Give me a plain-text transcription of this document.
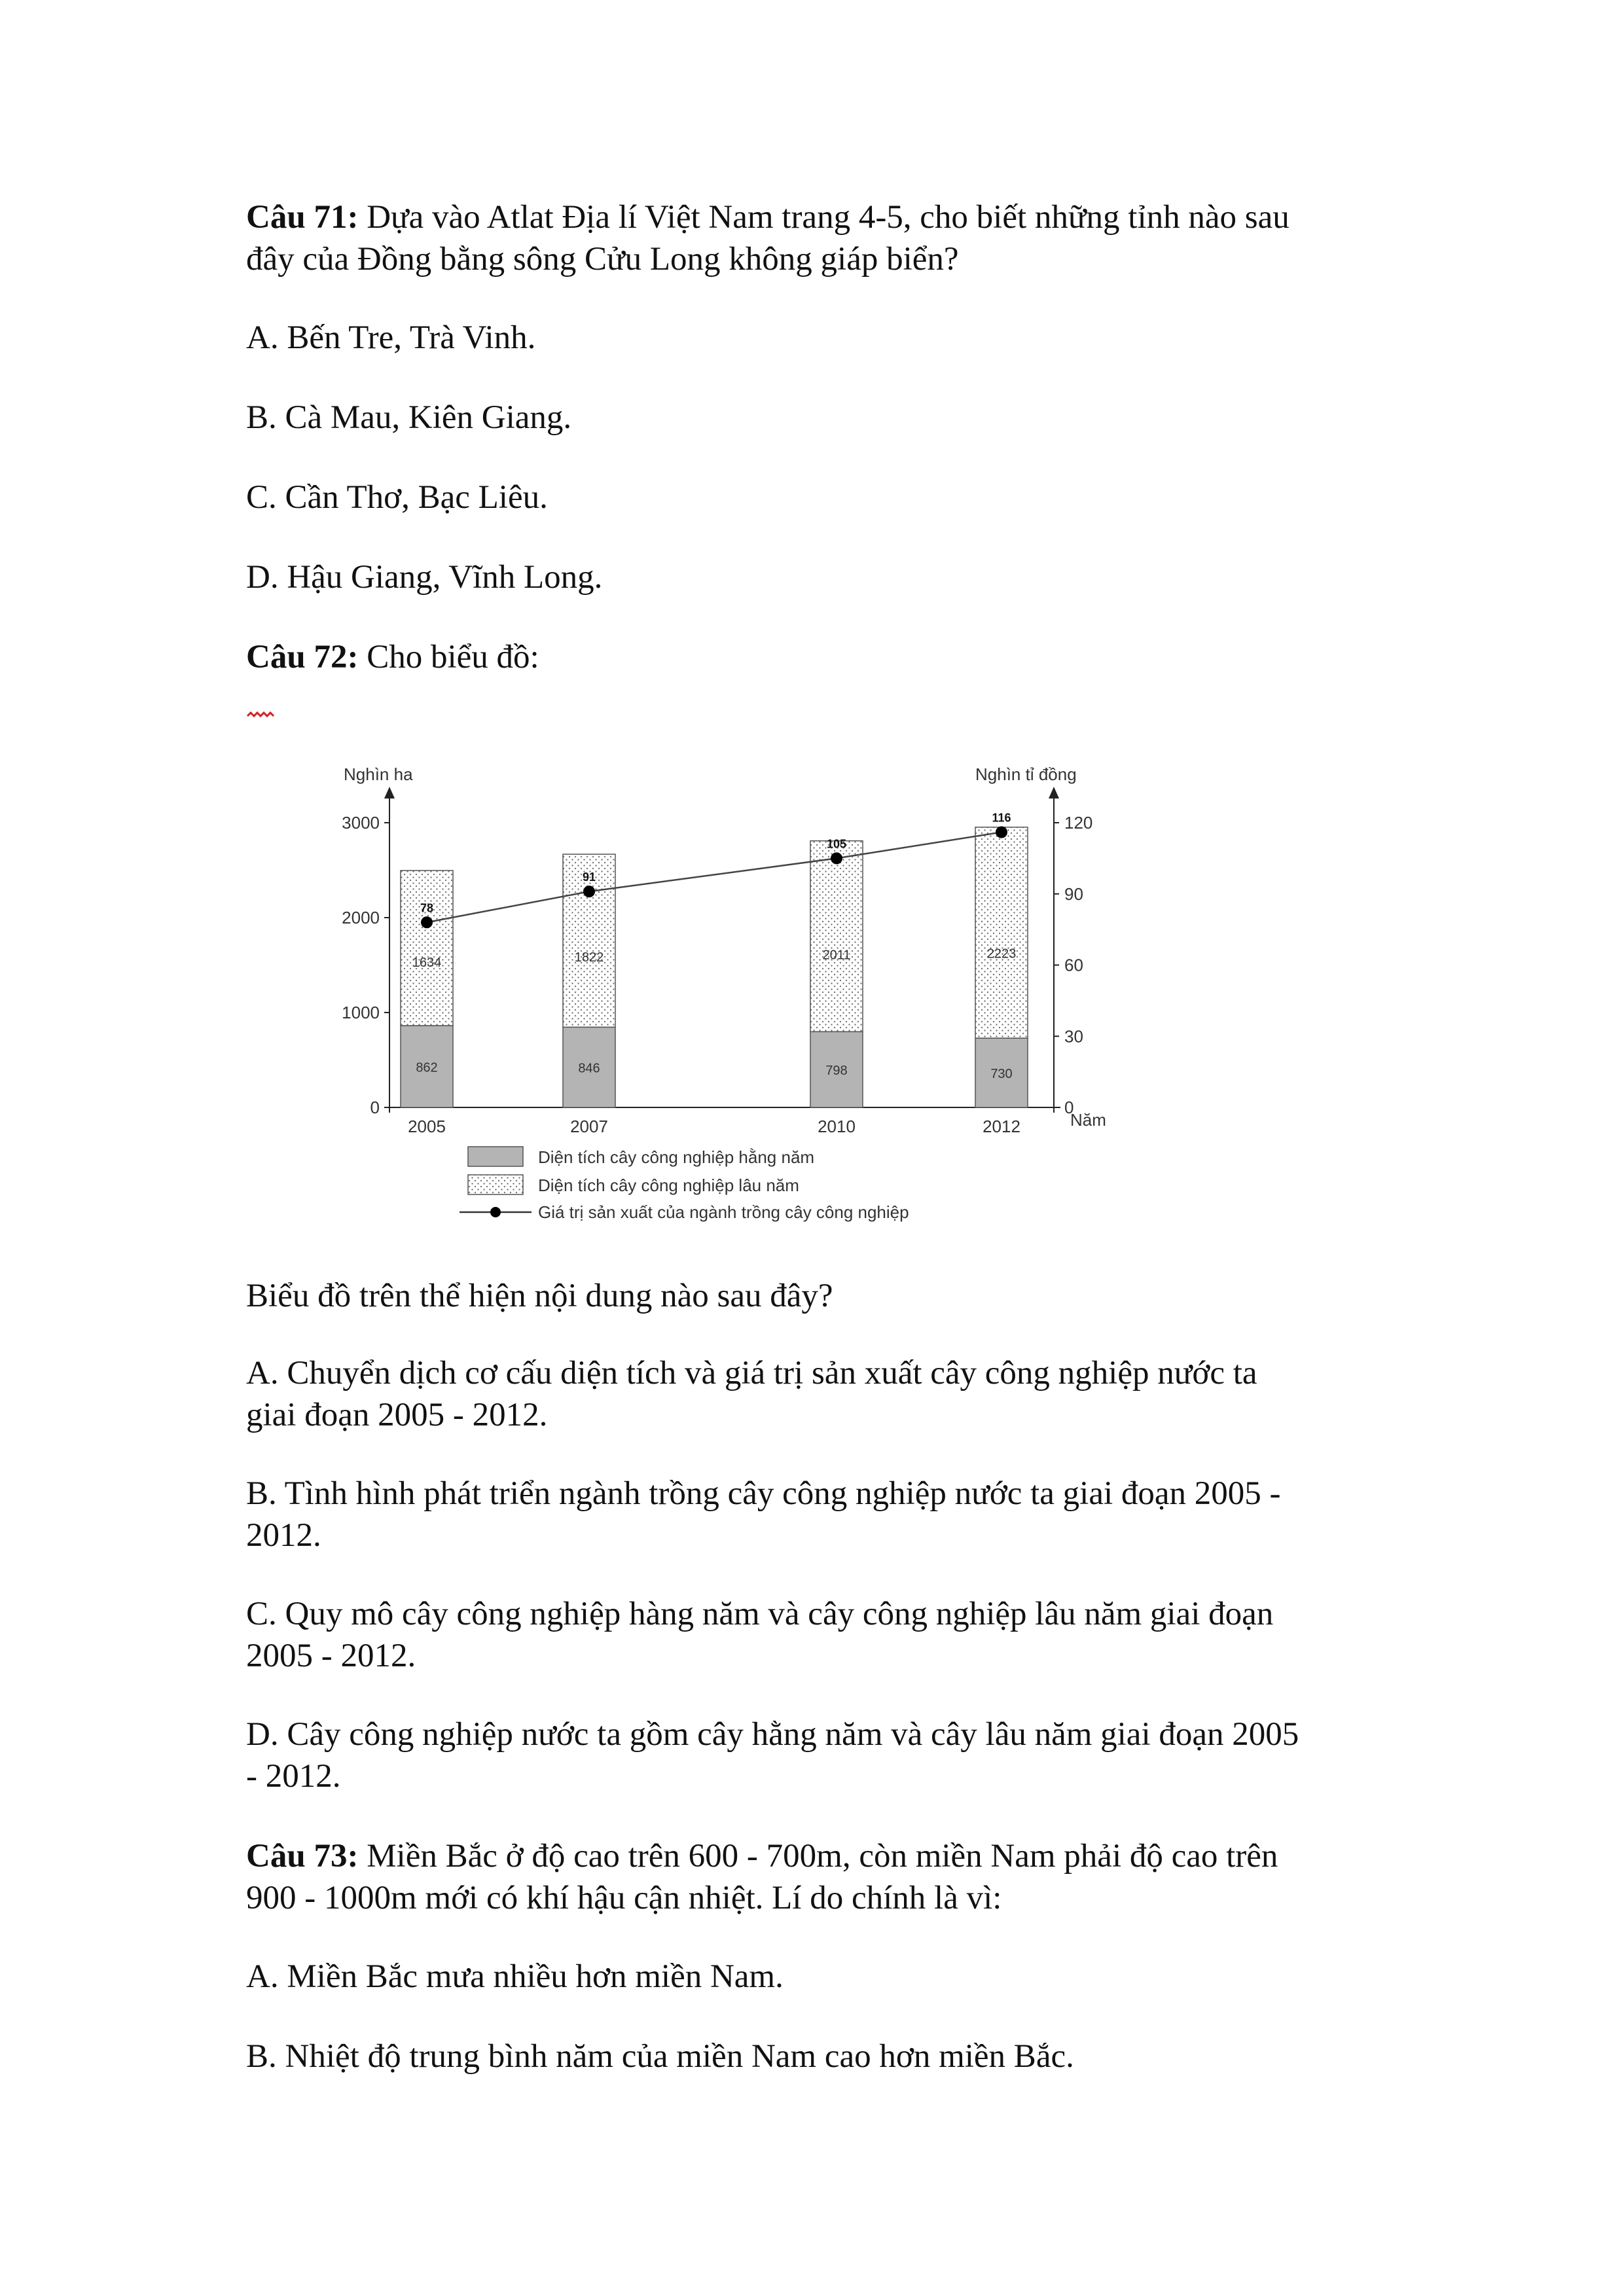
Câu 71: Dựa vào Atlat Địa lí Việt Nam trang 4-5, cho biết những tỉnh nào sau

đây của Đồng bằng sông Cửu Long không giáp biển?

A. Bến Tre, Trà Vinh.

B. Cà Mau, Kiên Giang.

C. Cần Thơ, Bạc Liêu.

D. Hậu Giang, Vĩnh Long.

Câu 72: Cho biểu đồ:

Nghìn ha	Nghìn tỉ đồng
Năm
0
1000
2000
3000
0
30
60
90
120
862
1634
2005
846
1822
2007
798
2011
2010
730
2223
2012
78
91
105
116
Diện tích cây công nghiệp hằng năm
Diện tích cây công nghiệp lâu năm
Giá trị sản xuất của ngành trồng cây công nghiệp

Biểu đồ trên thể hiện nội dung nào sau đây?

A. Chuyển dịch cơ cấu diện tích và giá trị sản xuất cây công nghiệp nước ta

giai đoạn 2005 - 2012.

B. Tình hình phát triển ngành trồng cây công nghiệp nước ta giai đoạn 2005 -

2012.

C. Quy mô cây công nghiệp hàng năm và cây công nghiệp lâu năm giai đoạn

2005 - 2012.

D. Cây công nghiệp nước ta gồm cây hằng năm và cây lâu năm giai đoạn 2005

- 2012.

Câu 73: Miền Bắc ở độ cao trên 600 - 700m, còn miền Nam phải độ cao trên

900 - 1000m mới có khí hậu cận nhiệt. Lí do chính là vì:

A. Miền Bắc mưa nhiều hơn miền Nam.

B. Nhiệt độ trung bình năm của miền Nam cao hơn miền Bắc.
